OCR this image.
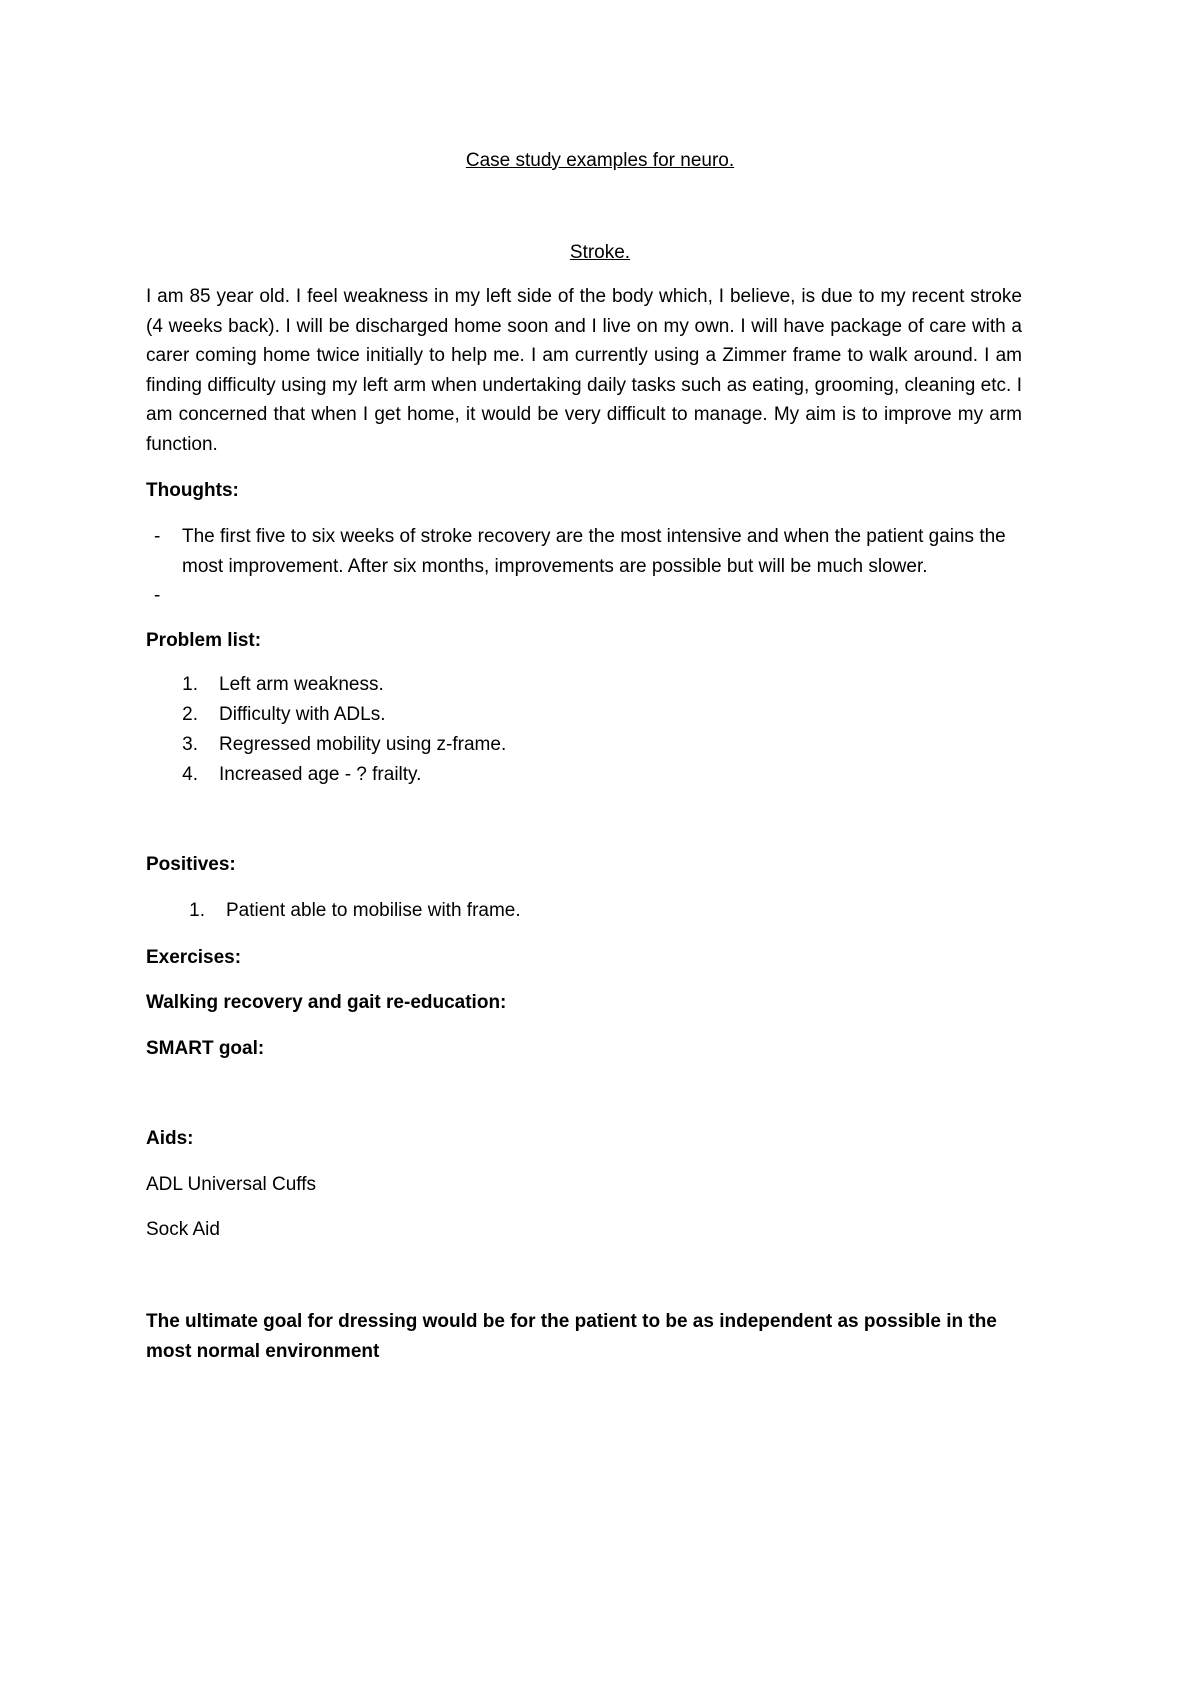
Case study examples for neuro.
Stroke.
I am 85 year old. I feel weakness in my left side of the body which, I believe, is due to my recent stroke (4 weeks back). I will be discharged home soon and I live on my own. I will have package of care with a carer coming home twice initially to help me. I am currently using a Zimmer frame to walk around. I am finding difficulty using my left arm when undertaking daily tasks such as eating, grooming, cleaning etc. I am concerned that when I get home, it would be very difficult to manage. My aim is to improve my arm function.
Thoughts:
- The first five to six weeks of stroke recovery are the most intensive and when the patient gains the most improvement. After six months, improvements are possible but will be much slower.
-
Problem list:
1. Left arm weakness.
2. Difficulty with ADLs.
3. Regressed mobility using z-frame.
4. Increased age - ? frailty.
Positives:
1. Patient able to mobilise with frame.
Exercises:
Walking recovery and gait re-education:
SMART goal:
Aids:
ADL Universal Cuffs
Sock Aid
The ultimate goal for dressing would be for the patient to be as independent as possible in the most normal environment
